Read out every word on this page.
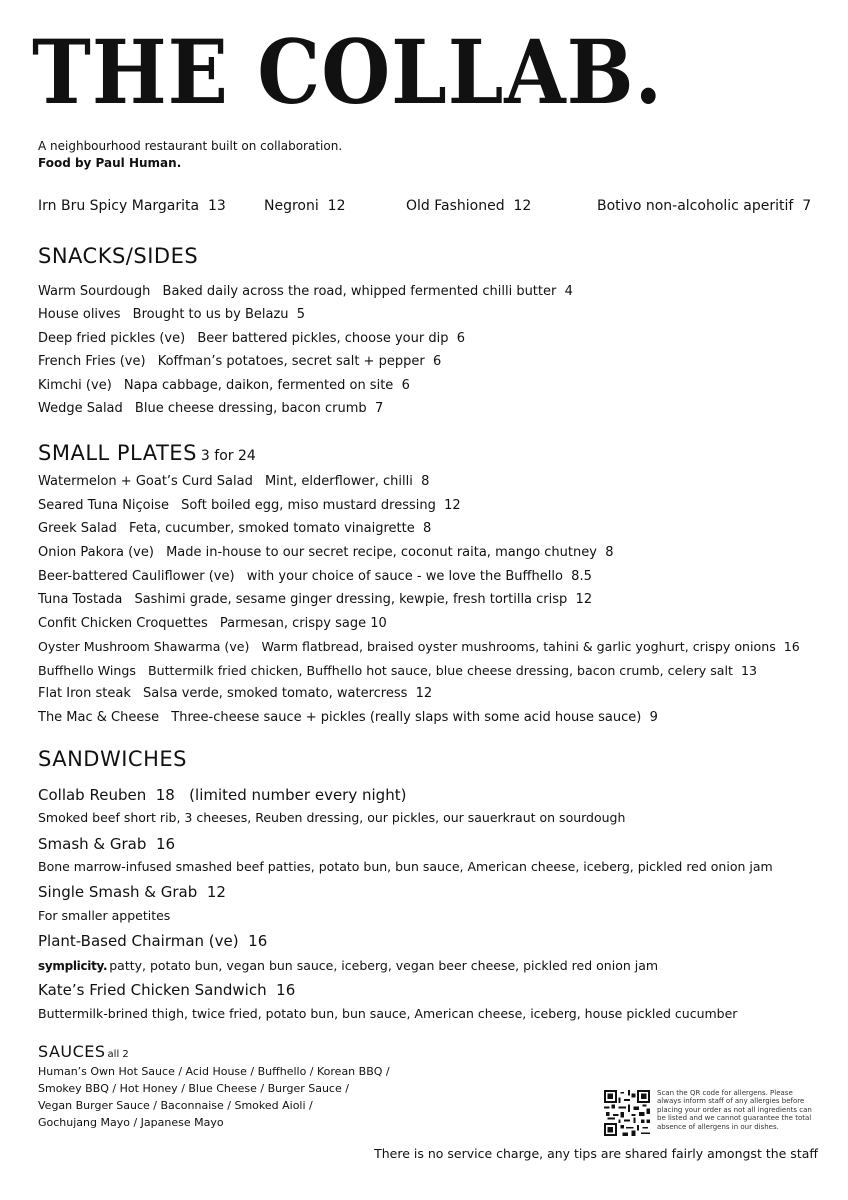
THE COLLAB.
A neighbourhood restaurant built on collaboration.
Food by Paul Human.
Irn Bru Spicy Margarita 13	Negroni 12	Old Fashioned 12	Botivo non-alcoholic aperitif 7
SNACKS/SIDES
Warm Sourdough Baked daily across the road, whipped fermented chilli butter 4
House olives Brought to us by Belazu 5
Deep fried pickles (ve) Beer battered pickles, choose your dip 6
French Fries (ve) Koffman’s potatoes, secret salt + pepper 6
Kimchi (ve) Napa cabbage, daikon, fermented on site 6
Wedge Salad Blue cheese dressing, bacon crumb 7
SMALL PLATES 3 for 24
Watermelon + Goat’s Curd Salad Mint, elderflower, chilli 8
Seared Tuna Niçoise Soft boiled egg, miso mustard dressing 12
Greek Salad Feta, cucumber, smoked tomato vinaigrette 8
Onion Pakora (ve) Made in-house to our secret recipe, coconut raita, mango chutney 8
Beer-battered Cauliflower (ve) with your choice of sauce - we love the Buffhello 8.5
Tuna Tostada Sashimi grade, sesame ginger dressing, kewpie, fresh tortilla crisp 12
Confit Chicken Croquettes Parmesan, crispy sage 10
Oyster Mushroom Shawarma (ve) Warm flatbread, braised oyster mushrooms, tahini & garlic yoghurt, crispy onions 16
Buffhello Wings Buttermilk fried chicken, Buffhello hot sauce, blue cheese dressing, bacon crumb, celery salt 13
Flat Iron steak Salsa verde, smoked tomato, watercress 12
The Mac & Cheese Three-cheese sauce + pickles (really slaps with some acid house sauce) 9
SANDWICHES
Collab Reuben 18 (limited number every night)
Smoked beef short rib, 3 cheeses, Reuben dressing, our pickles, our sauerkraut on sourdough
Smash & Grab 16
Bone marrow-infused smashed beef patties, potato bun, bun sauce, American cheese, iceberg, pickled red onion jam
Single Smash & Grab 12
For smaller appetites
Plant-Based Chairman (ve) 16
symplicity. patty, potato bun, vegan bun sauce, iceberg, vegan beer cheese, pickled red onion jam
Kate’s Fried Chicken Sandwich 16
Buttermilk-brined thigh, twice fried, potato bun, bun sauce, American cheese, iceberg, house pickled cucumber
SAUCES all 2
Human’s Own Hot Sauce / Acid House / Buffhello / Korean BBQ /
Smokey BBQ / Hot Honey / Blue Cheese / Burger Sauce /
Vegan Burger Sauce / Baconnaise / Smoked Aioli /
Gochujang Mayo / Japanese Mayo
Scan the QR code for allergens. Please always inform staff of any allergies before placing your order as not all ingredients can be listed and we cannot guarantee the total absence of allergens in our dishes.
There is no service charge, any tips are shared fairly amongst the staff
